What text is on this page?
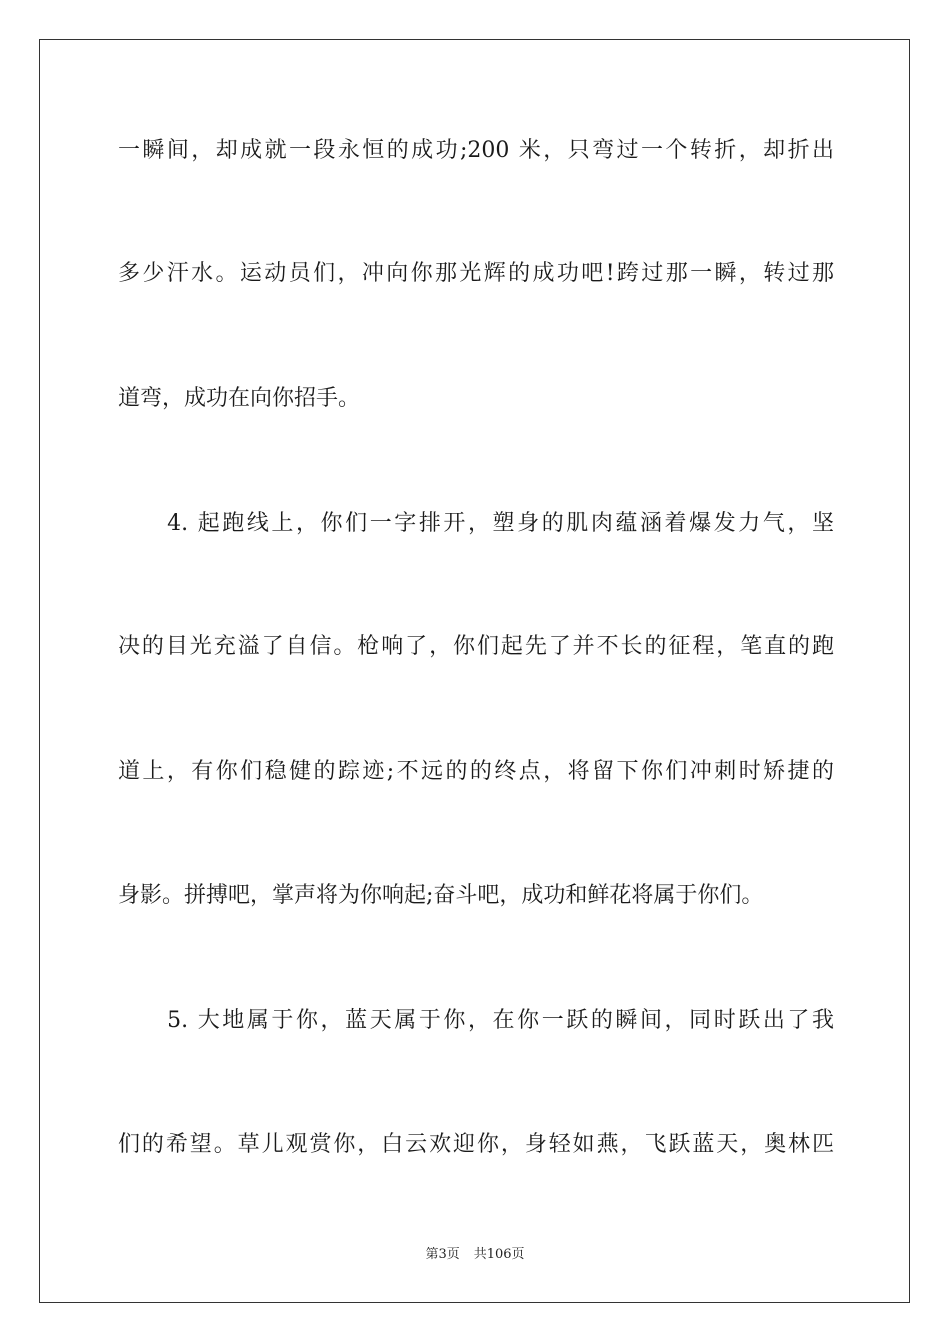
一瞬间，却成就一段永恒的成功;200 米，只弯过一个转折，却折出
多少汗水。运动员们，冲向你那光辉的成功吧!跨过那一瞬，转过那
道弯，成功在向你招手。
　　4. 起跑线上，你们一字排开，塑身的肌肉蕴涵着爆发力气，坚
决的目光充溢了自信。枪响了，你们起先了并不长的征程，笔直的跑
道上，有你们稳健的踪迹;不远的的终点，将留下你们冲刺时矫捷的
身影。拼搏吧，掌声将为你响起;奋斗吧，成功和鲜花将属于你们。
　　5. 大地属于你，蓝天属于你，在你一跃的瞬间，同时跃出了我
们的希望。草儿观赏你，白云欢迎你，身轻如燕，飞跃蓝天，奥林匹
第3页 共106页
